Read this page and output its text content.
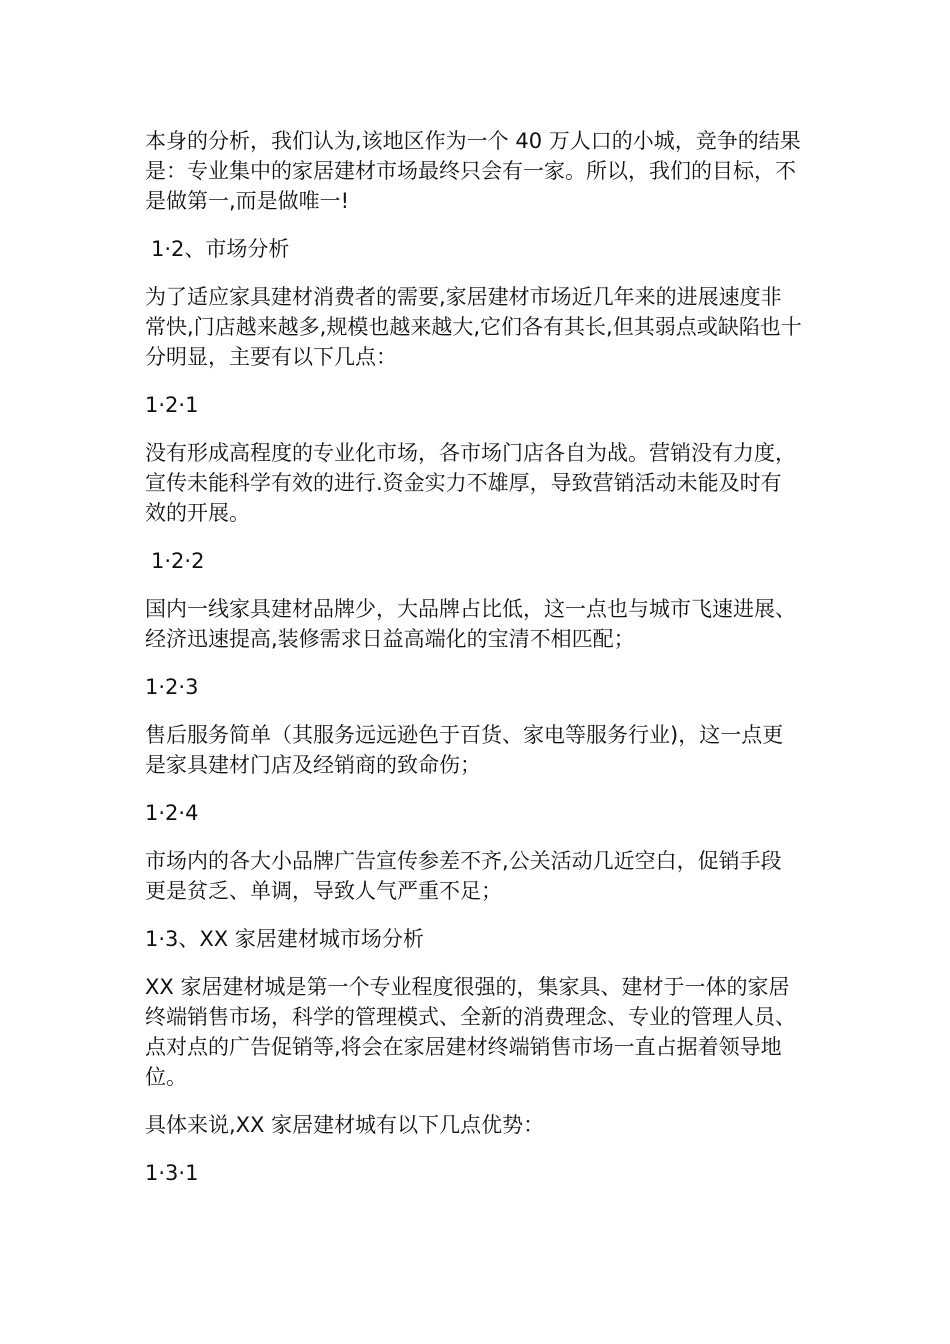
本身的分析，我们认为,该地区作为一个 40 万人口的小城，竞争的结果是：专业集中的家居建材市场最终只会有一家。所以，我们的目标，不是做第一,而是做唯一!

1·2、市场分析

为了适应家具建材消费者的需要,家居建材市场近几年来的进展速度非常快,门店越来越多,规模也越来越大,它们各有其长,但其弱点或缺陷也十分明显，主要有以下几点：

1·2·1

没有形成高程度的专业化市场，各市场门店各自为战。营销没有力度，宣传未能科学有效的进行.资金实力不雄厚，导致营销活动未能及时有效的开展。

1·2·2

国内一线家具建材品牌少，大品牌占比低，这一点也与城市飞速进展、经济迅速提高,装修需求日益高端化的宝清不相匹配；

1·2·3

售后服务简单（其服务远远逊色于百货、家电等服务行业)，这一点更是家具建材门店及经销商的致命伤；

1·2·4

市场内的各大小品牌广告宣传参差不齐,公关活动几近空白，促销手段更是贫乏、单调，导致人气严重不足；

1·3、XX 家居建材城市场分析

XX 家居建材城是第一个专业程度很强的，集家具、建材于一体的家居终端销售市场，科学的管理模式、全新的消费理念、专业的管理人员、点对点的广告促销等,将会在家居建材终端销售市场一直占据着领导地位。

具体来说,XX 家居建材城有以下几点优势：

1·3·1
